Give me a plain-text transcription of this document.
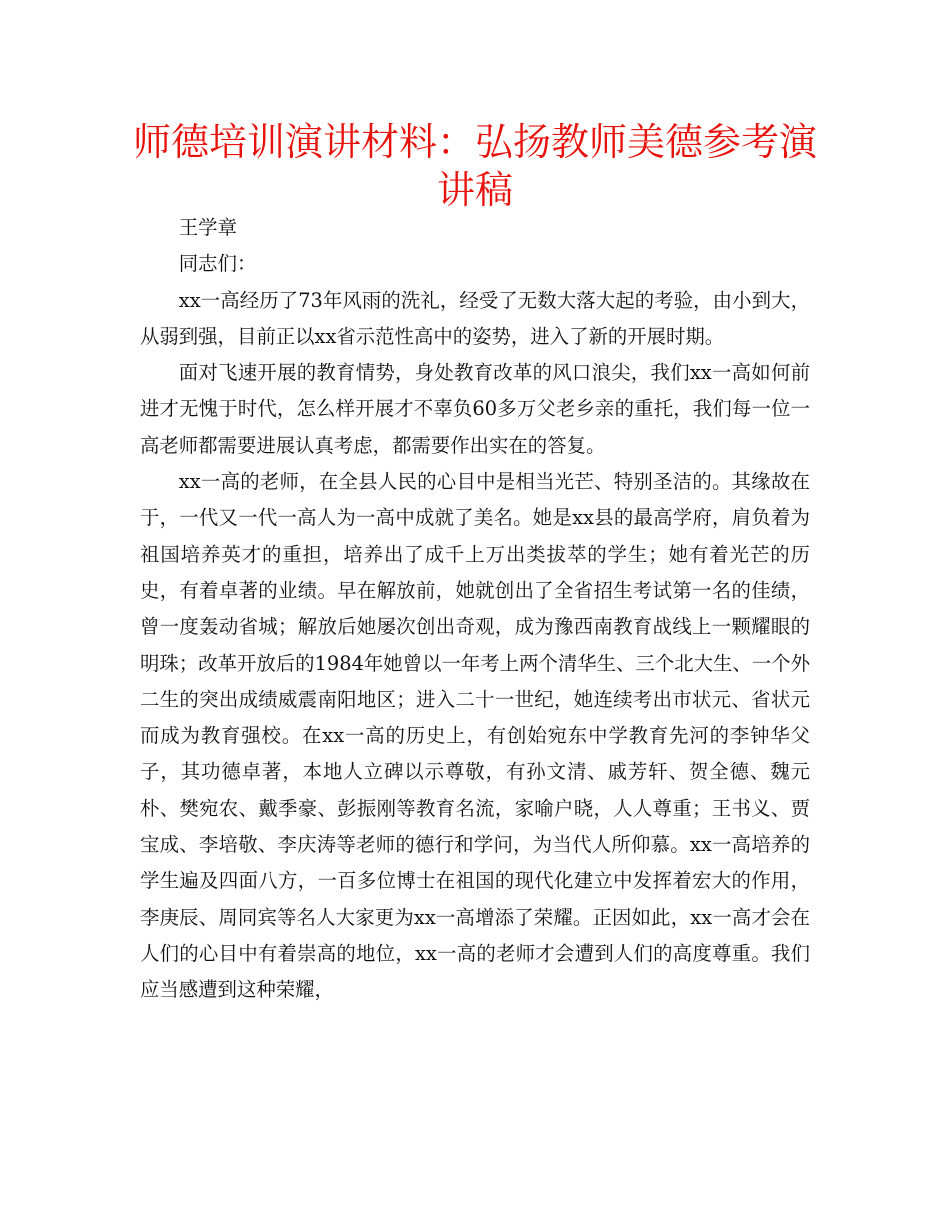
师德培训演讲材料：弘扬教师美德参考演讲稿

王学章

同志们：

xx一高经历了73年风雨的洗礼，经受了无数大落大起的考验，由小到大，从弱到强，目前正以xx省示范性高中的姿势，进入了新的开展时期。

面对飞速开展的教育情势，身处教育改革的风口浪尖，我们xx一高如何前进才无愧于时代，怎么样开展才不辜负60多万父老乡亲的重托，我们每一位一高老师都需要进展认真考虑，都需要作出实在的答复。

xx一高的老师，在全县人民的心目中是相当光芒、特别圣洁的。其缘故在于，一代又一代一高人为一高中成就了美名。她是xx县的最高学府，肩负着为祖国培养英才的重担，培养出了成千上万出类拔萃的学生；她有着光芒的历史，有着卓著的业绩。早在解放前，她就创出了全省招生考试第一名的佳绩，曾一度轰动省城；解放后她屡次创出奇观，成为豫西南教育战线上一颗耀眼的明珠；改革开放后的1984年她曾以一年考上两个清华生、三个北大生、一个外二生的突出成绩威震南阳地区；进入二十一世纪，她连续考出市状元、省状元而成为教育强校。在xx一高的历史上，有创始宛东中学教育先河的李钟华父子，其功德卓著，本地人立碑以示尊敬，有孙文清、戚芳轩、贺全德、魏元朴、樊宛农、戴季豪、彭振刚等教育名流，家喻户晓，人人尊重；王书义、贾宝成、李培敬、李庆涛等老师的德行和学问，为当代人所仰慕。xx一高培养的学生遍及四面八方，一百多位博士在祖国的现代化建立中发挥着宏大的作用，李庚辰、周同宾等名人大家更为xx一高增添了荣耀。正因如此，xx一高才会在人们的心目中有着崇高的地位，xx一高的老师才会遭到人们的高度尊重。我们应当感遭到这种荣耀，
